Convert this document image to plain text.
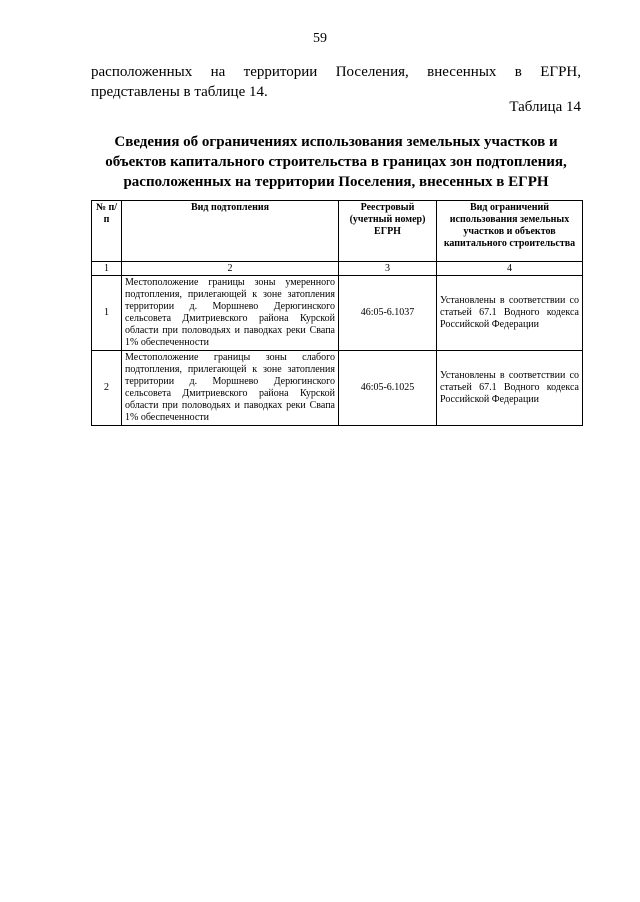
59
расположенных на территории Поселения, внесенных в ЕГРН,
представлены в таблице 14.
Таблица 14
Сведения об ограничениях использования земельных участков и объектов капитального строительства в границах зон подтопления, расположенных на территории Поселения, внесенных в ЕГРН
№ п/п	Вид подтопления	Реестровый (учетный номер) ЕГРН	Вид ограничений использования земельных участков и объектов капитального строительства
1	2	3	4
1	Местоположение границы зоны умеренного подтопления, прилегающей к зоне затопления территории д. Моршнево Дерюгинского сельсовета Дмитриевского района Курской области при половодьях и паводках реки Свапа 1% обеспеченности	46:05-6.1037	Установлены в соответствии со статьей 67.1 Водного кодекса Российской Федерации
2	Местоположение границы зоны слабого подтопления, прилегающей к зоне затопления территории д. Моршнево Дерюгинского сельсовета Дмитриевского района Курской области при половодьях и паводках реки Свапа 1% обеспеченности	46:05-6.1025	Установлены в соответствии со статьей 67.1 Водного кодекса Российской Федерации
